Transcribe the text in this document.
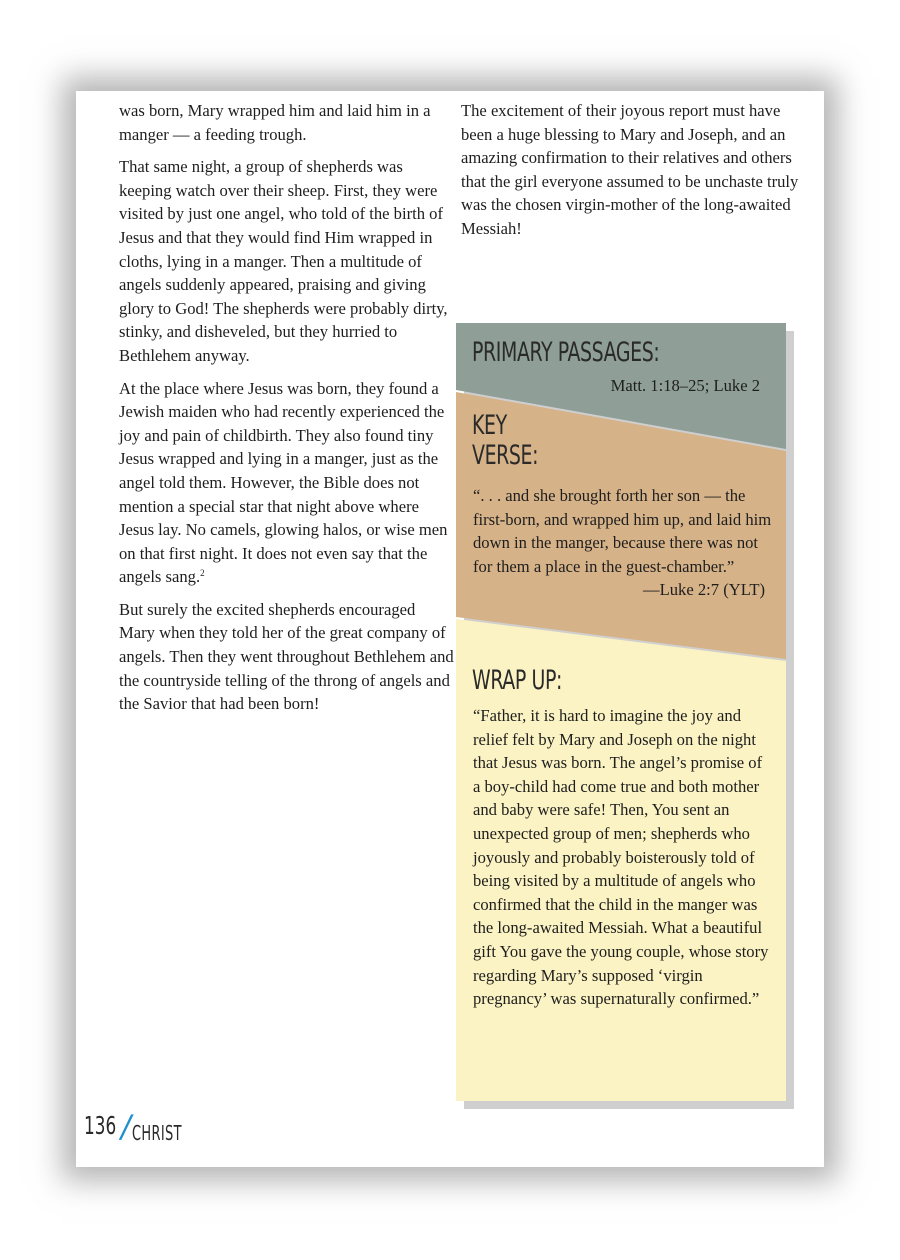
was born, Mary wrapped him and laid him in a manger — a feeding trough.

That same night, a group of shepherds was keeping watch over their sheep. First, they were visited by just one angel, who told of the birth of Jesus and that they would find Him wrapped in cloths, lying in a manger. Then a multitude of angels suddenly appeared, praising and giving glory to God! The shepherds were probably dirty, stinky, and disheveled, but they hurried to Bethlehem anyway.

At the place where Jesus was born, they found a Jewish maiden who had recently experienced the joy and pain of childbirth. They also found tiny Jesus wrapped and lying in a manger, just as the angel told them. However, the Bible does not mention a special star that night above where Jesus lay. No camels, glowing halos, or wise men on that first night. It does not even say that the angels sang.$^2$

But surely the excited shepherds encouraged Mary when they told her of the great company of angels. Then they went throughout Bethlehem and the countryside telling of the throng of angels and the Savior that had been born!

The excitement of their joyous report must have been a huge blessing to Mary and Joseph, and an amazing confirmation to their relatives and others that the girl everyone assumed to be unchaste truly was the chosen virgin-mother of the long-awaited Messiah!

PRIMARY PASSAGES:
Matt. 1:18–25; Luke 2
KEY
VERSE:
“. . . and she brought forth her son — the first-born, and wrapped him up, and laid him down in the manger, because there was not for them a place in the guest-chamber.”
—Luke 2:7 (YLT)
WRAP UP:
“Father, it is hard to imagine the joy and relief felt by Mary and Joseph on the night that Jesus was born. The angel’s promise of a boy-child had come true and both mother and baby were safe! Then, You sent an unexpected group of men; shepherds who joyously and probably boisterously told of being visited by a multitude of angels who confirmed that the child in the manger was the long-awaited Messiah. What a beautiful gift You gave the young couple, whose story regarding Mary’s supposed ‘virgin pregnancy’ was supernaturally confirmed.”
136 /
CHRIST
